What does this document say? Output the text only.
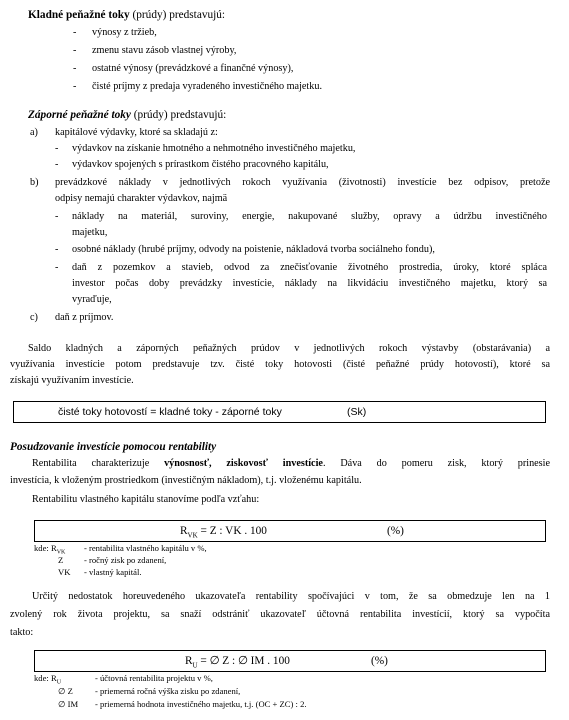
Kladné peňažné toky (prúdy) predstavujú:
- výnosy z tržieb,
- zmenu stavu zásob vlastnej výroby,
- ostatné výnosy (prevádzkové a finančné výnosy),
- čisté príjmy z predaja vyradeného investičného majetku.
Záporné peňažné toky (prúdy) predstavujú:
a) kapitálové výdavky, ktoré sa skladajú z:
- výdavkov na získanie hmotného a nehmotného investičného majetku,
- výdavkov spojených s prírastkom čistého pracovného kapitálu,
b) prevádzkové náklady v jednotlivých rokoch využívania (životnosti) investície bez odpisov, pretože
odpisy nemajú charakter výdavkov, najmä
- náklady na materiál, suroviny, energie, nakupované služby, opravy a údržbu investičného
majetku,
- osobné náklady (hrubé príjmy, odvody na poistenie, nákladová tvorba sociálneho fondu),
- daň z pozemkov a stavieb, odvod za znečisťovanie životného prostredia, úroky, ktoré spláca
investor počas doby prevádzky investície, náklady na likvidáciu investičného majetku, ktorý sa
vyraďuje,
c) daň z príjmov.
Saldo kladných a záporných peňažných prúdov v jednotlivých rokoch výstavby (obstarávania) a
využívania investície potom predstavuje tzv. čisté toky hotovosti (čisté peňažné prúdy hotovostí), ktoré sa
získajú využívaním investície.
čisté toky hotovostí = kladné toky - záporné toky	(Sk)
Posudzovanie investície pomocou rentability
Rentabilita charakterizuje výnosnosť, ziskovosť investície. Dáva do pomeru zisk, ktorý prinesie
investícia, k vloženým prostriedkom (investičným nákladom), t.j. vloženému kapitálu.
Rentabilitu vlastného kapitálu stanovíme podľa vzťahu:
$R_{VK} = Z$ : VK . 100	(%)
kde: $R_{VK}$ - rentabilita vlastného kapitálu v %,
Z - ročný zisk po zdanení,
VK - vlastný kapitál.
Určitý nedostatok horeuvedeného ukazovateľa rentability spočívajúci v tom, že sa obmedzuje len na 1
zvolený rok života projektu, sa snaží odstrániť ukazovateľ účtovná rentabilita investícií, ktorý sa vypočíta
takto:
$R_U$ = ∅ Z : ∅ IM . 100	(%)
kde: $R_U$	- účtovná rentabilita projektu v %,
∅ Z	- priemerná ročná výška zisku po zdanení,
∅ IM - priemerná hodnota investičného majetku, t.j. (OC + ZC) : 2.
